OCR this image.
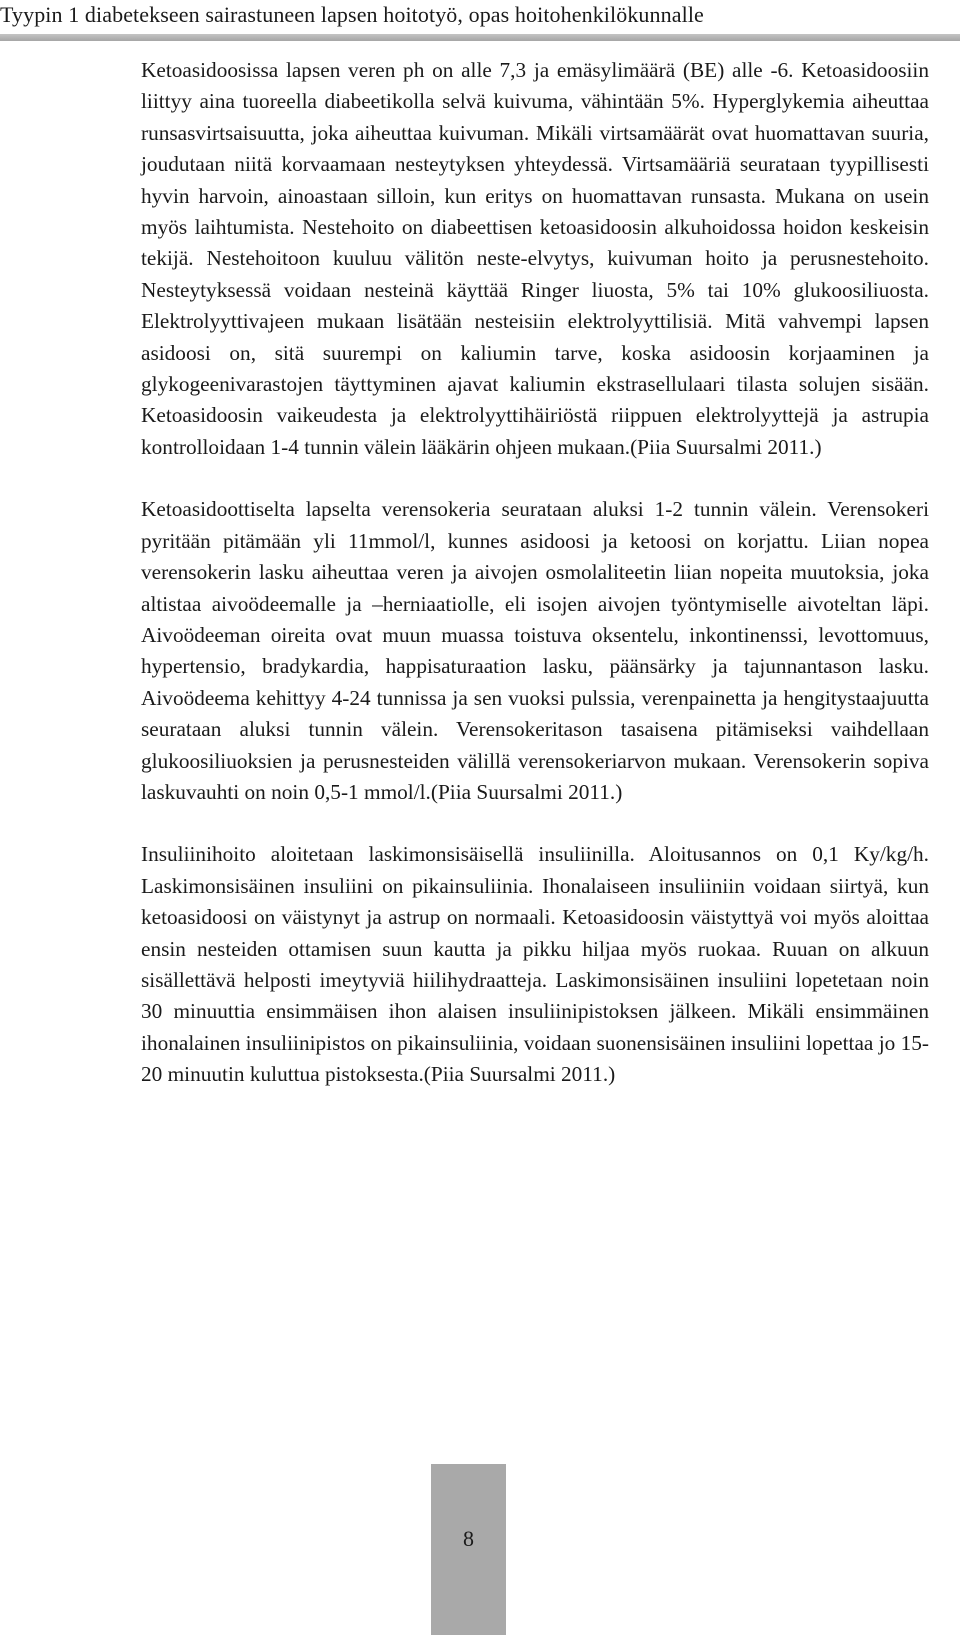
Tyypin 1 diabetekseen sairastuneen lapsen hoitotyö, opas hoitohenkilökunnalle

Ketoasidoosissa lapsen veren ph on alle 7,3 ja emäsylimäärä (BE) alle -6. Ketoasidoosiin liittyy aina tuoreella diabeetikolla selvä kuivuma, vähintään 5%. Hyperglykemia aiheuttaa runsasvirtsaisuutta, joka aiheuttaa kuivuman. Mikäli virtsamäärät ovat huomattavan suuria, joudutaan niitä korvaamaan nesteytyksen yhteydessä. Virtsamääriä seurataan tyypillisesti hyvin harvoin, ainoastaan silloin, kun eritys on huomattavan runsasta. Mukana on usein myös laihtumista. Nestehoito on diabeettisen ketoasidoosin alkuhoidossa hoidon keskeisin tekijä. Nestehoitoon kuuluu välitön neste-elvytys, kuivuman hoito ja perusnestehoito. Nesteytyksessä voidaan nesteinä käyttää Ringer liuosta, 5% tai 10% glukoosiliuosta. Elektrolyyttivajeen mukaan lisätään nesteisiin elektrolyyttilisiä. Mitä vahvempi lapsen asidoosi on, sitä suurempi on kaliumin tarve, koska asidoosin korjaaminen ja glykogeenivarastojen täyttyminen ajavat kaliumin ekstrasellulaari tilasta solujen sisään. Ketoasidoosin vaikeudesta ja elektrolyyttihäiriöstä riippuen elektrolyyttejä ja astrupia kontrolloidaan 1-4 tunnin välein lääkärin ohjeen mukaan.(Piia Suursalmi 2011.)

Ketoasidoottiselta lapselta verensokeria seurataan aluksi 1-2 tunnin välein. Verensokeri pyritään pitämään yli 11mmol/l, kunnes asidoosi ja ketoosi on korjattu. Liian nopea verensokerin lasku aiheuttaa veren ja aivojen osmolaliteetin liian nopeita muutoksia, joka altistaa aivoödeemalle ja –herniaatiolle, eli isojen aivojen työntymiselle aivoteltan läpi. Aivoödeeman oireita ovat muun muassa toistuva oksentelu, inkontinenssi, levottomuus, hypertensio, bradykardia, happisaturaation lasku, päänsärky ja tajunnantason lasku. Aivoödeema kehittyy 4-24 tunnissa ja sen vuoksi pulssia, verenpainetta ja hengitystaajuutta seurataan aluksi tunnin välein. Verensokeritason tasaisena pitämiseksi vaihdellaan glukoosiliuoksien ja perusnesteiden välillä verensokeriarvon mukaan. Verensokerin sopiva laskuvauhti on noin 0,5-1 mmol/l.(Piia Suursalmi 2011.)

Insuliinihoito aloitetaan laskimonsisäisellä insuliinilla. Aloitusannos on 0,1 Ky/kg/h. Laskimonsisäinen insuliini on pikainsuliinia. Ihonalaiseen insuliiniin voidaan siirtyä, kun ketoasidoosi on väistynyt ja astrup on normaali. Ketoasidoosin väistyttyä voi myös aloittaa ensin nesteiden ottamisen suun kautta ja pikku hiljaa myös ruokaa. Ruuan on alkuun sisällettävä helposti imeytyviä hiilihydraatteja. Laskimonsisäinen insuliini lopetetaan noin 30 minuuttia ensimmäisen ihon alaisen insuliinipistoksen jälkeen. Mikäli ensimmäinen ihonalainen insuliinipistos on pikainsuliinia, voidaan suonensisäinen insuliini lopettaa jo 15-20 minuutin kuluttua pistoksesta.(Piia Suursalmi 2011.)

8
